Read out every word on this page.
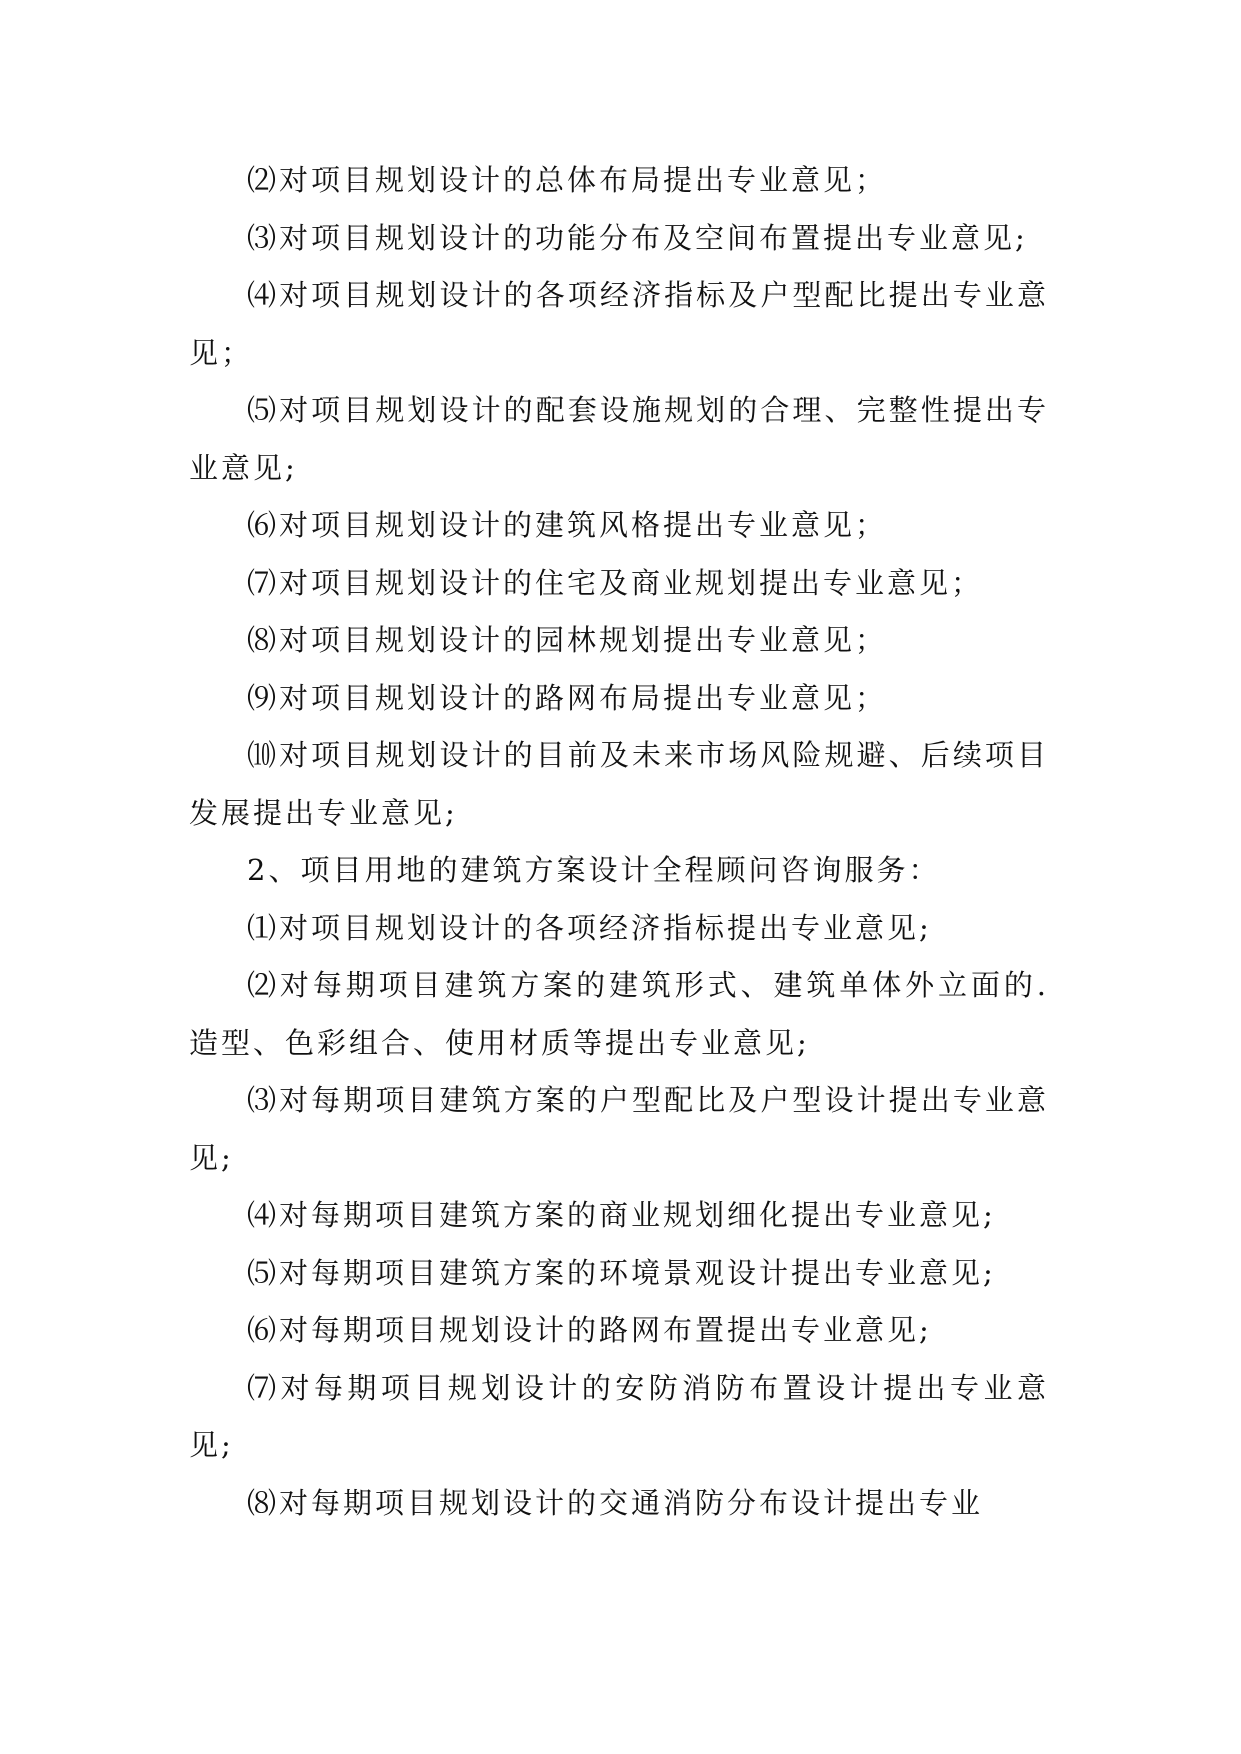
⑵对项目规划设计的总体布局提出专业意见；

⑶对项目规划设计的功能分布及空间布置提出专业意见;

⑷对项目规划设计的各项经济指标及户型配比提出专业意见；

⑸对项目规划设计的配套设施规划的合理、完整性提出专业意见;

⑹对项目规划设计的建筑风格提出专业意见；

⑺对项目规划设计的住宅及商业规划提出专业意见；

⑻对项目规划设计的园林规划提出专业意见；

⑼对项目规划设计的路网布局提出专业意见；

⑽对项目规划设计的目前及未来市场风险规避、后续项目发展提出专业意见;

2、项目用地的建筑方案设计全程顾问咨询服务：

⑴对项目规划设计的各项经济指标提出专业意见;

⑵对每期项目建筑方案的建筑形式、建筑单体外立面的.造型、色彩组合、使用材质等提出专业意见;

⑶对每期项目建筑方案的户型配比及户型设计提出专业意见;

⑷对每期项目建筑方案的商业规划细化提出专业意见;

⑸对每期项目建筑方案的环境景观设计提出专业意见;

⑹对每期项目规划设计的路网布置提出专业意见;

⑺对每期项目规划设计的安防消防布置设计提出专业意见;

⑻对每期项目规划设计的交通消防分布设计提出专业
